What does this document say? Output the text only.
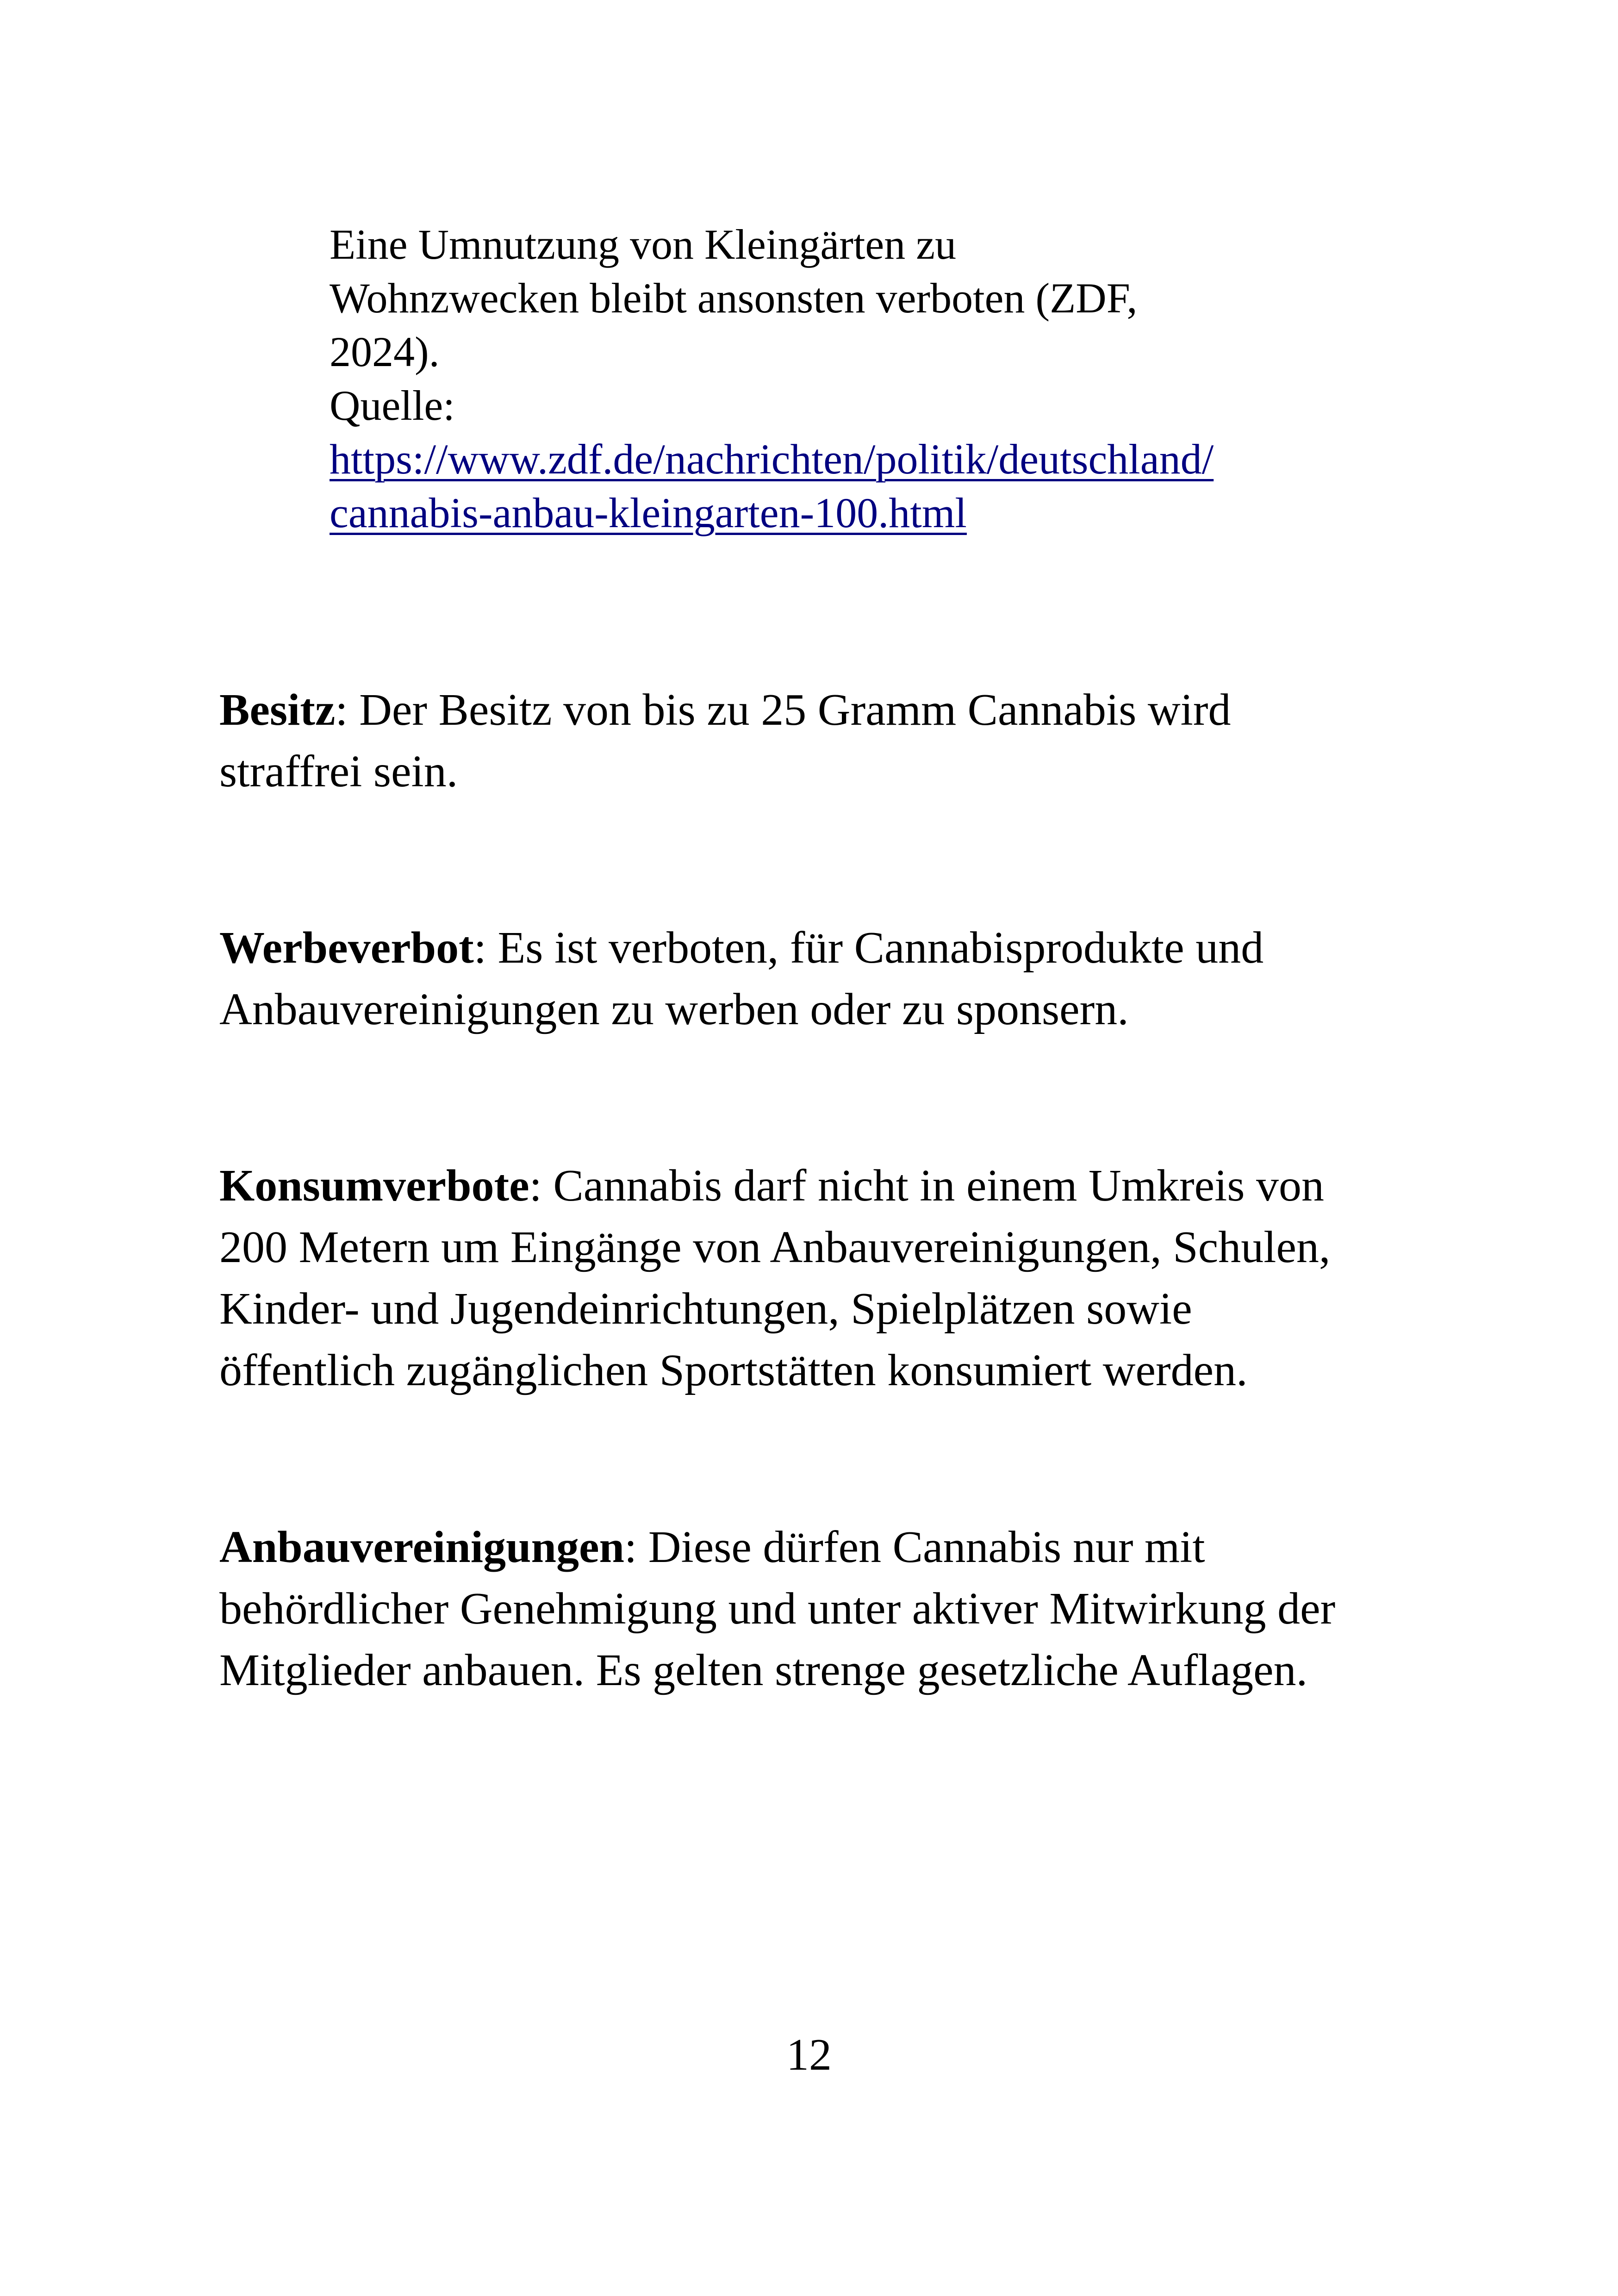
Eine Umnutzung von Kleingärten zu
Wohnzwecken bleibt ansonsten verboten (ZDF,
2024).
Quelle:

https://www.zdf.de/nachrichten/politik/deutschland/
cannabis-anbau-kleingarten-100.html

Besitz: Der Besitz von bis zu 25 Gramm Cannabis wird
straffrei sein.

Werbeverbot: Es ist verboten, für Cannabisprodukte und
Anbauvereinigungen zu werben oder zu sponsern.

Konsumverbote: Cannabis darf nicht in einem Umkreis von
200 Metern um Eingänge von Anbauvereinigungen, Schulen,
Kinder- und Jugendeinrichtungen, Spielplätzen sowie
öffentlich zugänglichen Sportstätten konsumiert werden.

Anbauvereinigungen: Diese dürfen Cannabis nur mit
behördlicher Genehmigung und unter aktiver Mitwirkung der
Mitglieder anbauen. Es gelten strenge gesetzliche Auflagen.

12
